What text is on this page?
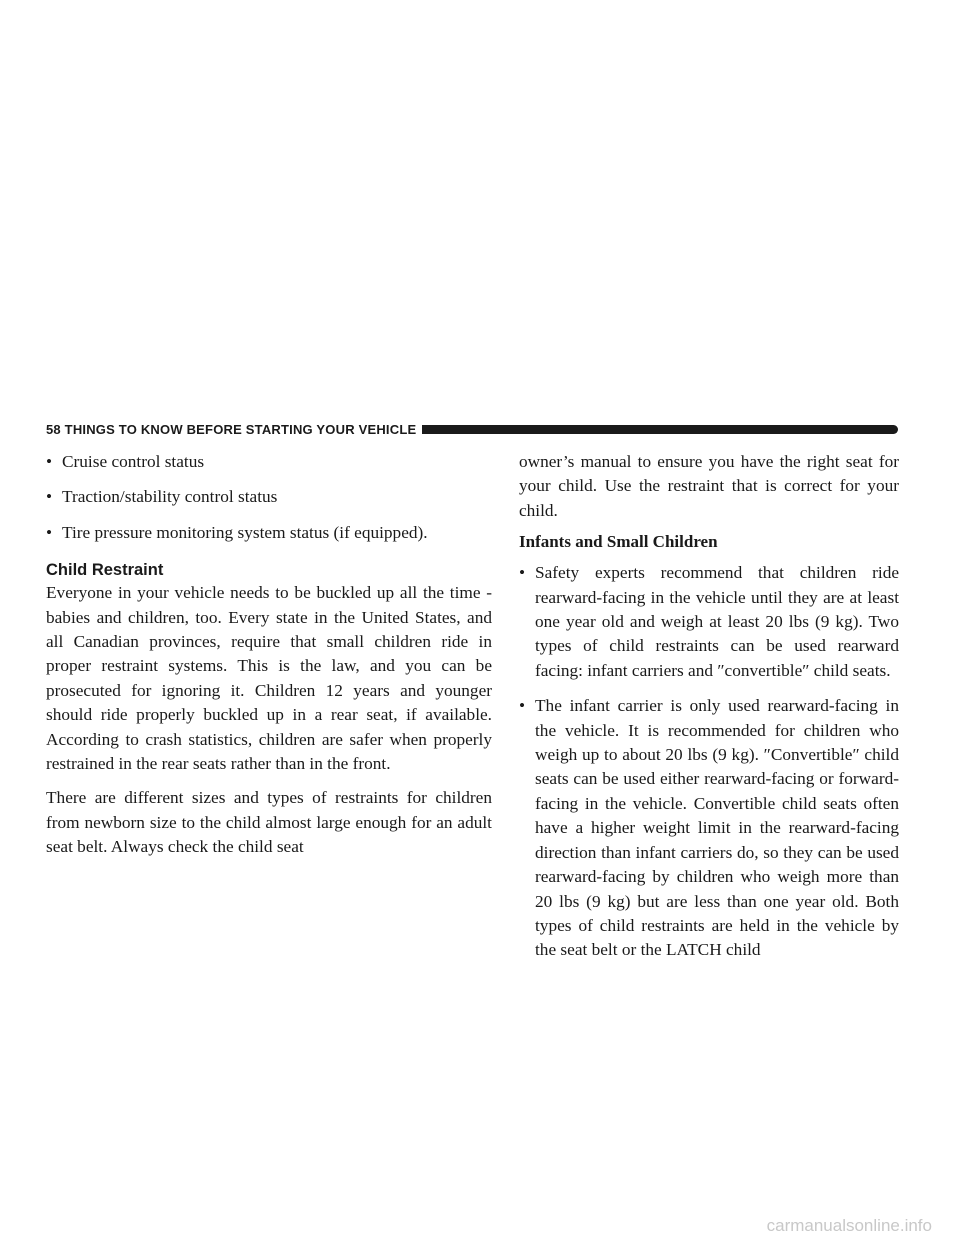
58 THINGS TO KNOW BEFORE STARTING YOUR VEHICLE
• Cruise control status
• Traction/stability control status
• Tire pressure monitoring system status (if equipped).
Child Restraint

Everyone in your vehicle needs to be buckled up all the time - babies and children, too. Every state in the United States, and all Canadian provinces, require that small children ride in proper restraint systems. This is the law, and you can be prosecuted for ignoring it. Children 12 years and younger should ride properly buckled up in a rear seat, if available. According to crash statistics, children are safer when properly restrained in the rear seats rather than in the front.

There are different sizes and types of restraints for children from newborn size to the child almost large enough for an adult seat belt. Always check the child seat

owner’s manual to ensure you have the right seat for your child. Use the restraint that is correct for your child.

Infants and Small Children
• Safety experts recommend that children ride rearward-facing in the vehicle until they are at least one year old and weigh at least 20 lbs (9 kg). Two types of child restraints can be used rearward facing: infant carriers and ″convertible″ child seats.
• The infant carrier is only used rearward-facing in the vehicle. It is recommended for children who weigh up to about 20 lbs (9 kg). ″Convertible″ child seats can be used either rearward-facing or forward-facing in the vehicle. Convertible child seats often have a higher weight limit in the rearward-facing direction than infant carriers do, so they can be used rearward-facing by children who weigh more than 20 lbs (9 kg) but are less than one year old. Both types of child restraints are held in the vehicle by the seat belt or the LATCH child
carmanualsonline.info
